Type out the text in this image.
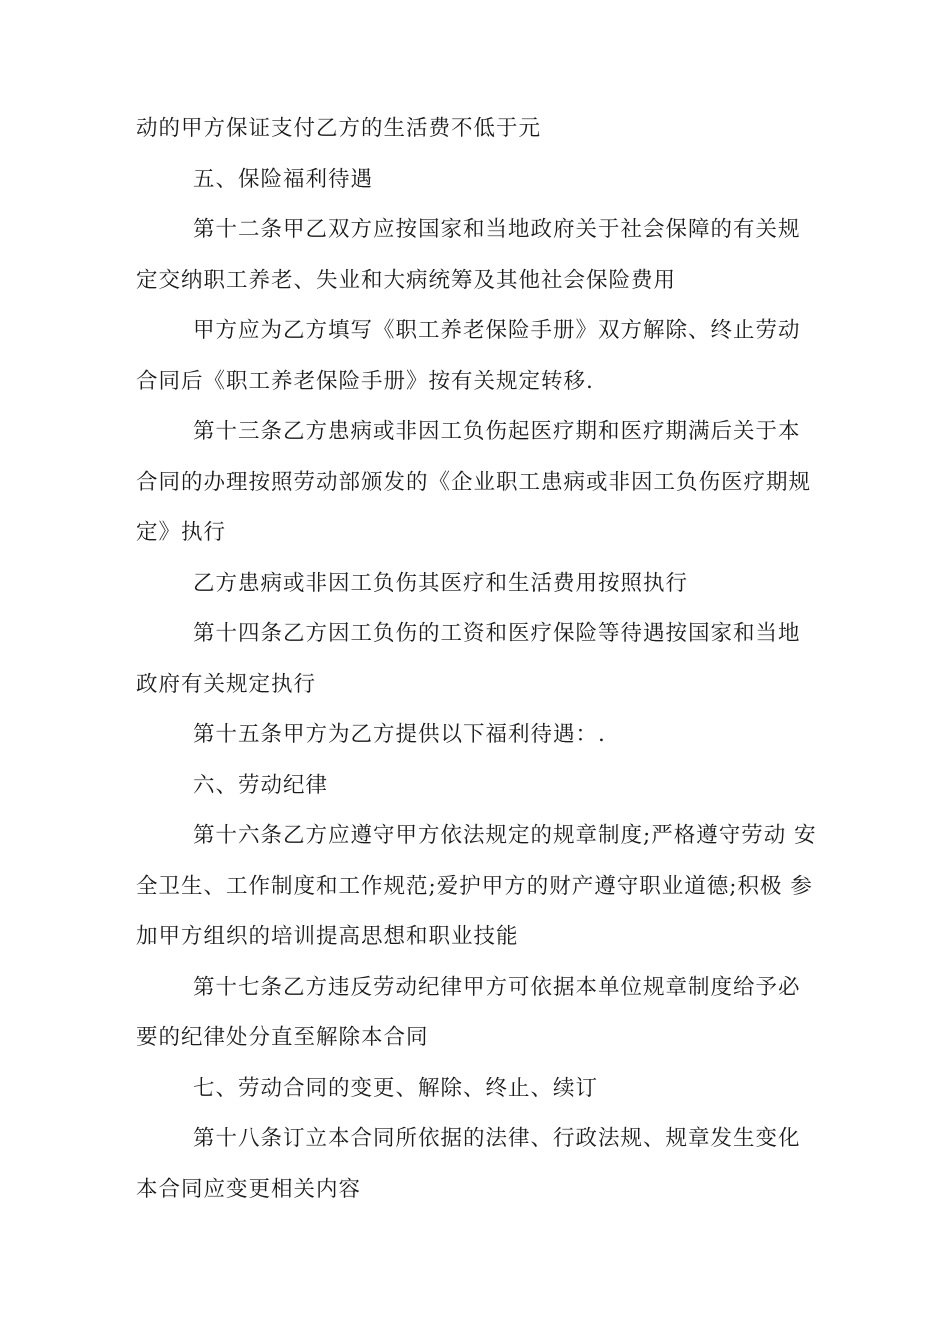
动的甲方保证支付乙方的生活费不低于元
五、保险福利待遇
第十二条甲乙双方应按国家和当地政府关于社会保障的有关规
定交纳职工养老、失业和大病统筹及其他社会保险费用
甲方应为乙方填写《职工养老保险手册》双方解除、终止劳动
合同后《职工养老保险手册》按有关规定转移.
第十三条乙方患病或非因工负伤起医疗期和医疗期满后关于本
合同的办理按照劳动部颁发的《企业职工患病或非因工负伤医疗期规
定》执行
乙方患病或非因工负伤其医疗和生活费用按照执行
第十四条乙方因工负伤的工资和医疗保险等待遇按国家和当地
政府有关规定执行
第十五条甲方为乙方提供以下福利待遇：.
六、劳动纪律
第十六条乙方应遵守甲方依法规定的规章制度;严格遵守劳动 安
全卫生、工作制度和工作规范;爱护甲方的财产遵守职业道德;积极 参
加甲方组织的培训提高思想和职业技能
第十七条乙方违反劳动纪律甲方可依据本单位规章制度给予必
要的纪律处分直至解除本合同
七、劳动合同的变更、解除、终止、续订
第十八条订立本合同所依据的法律、行政法规、规章发生变化
本合同应变更相关内容
